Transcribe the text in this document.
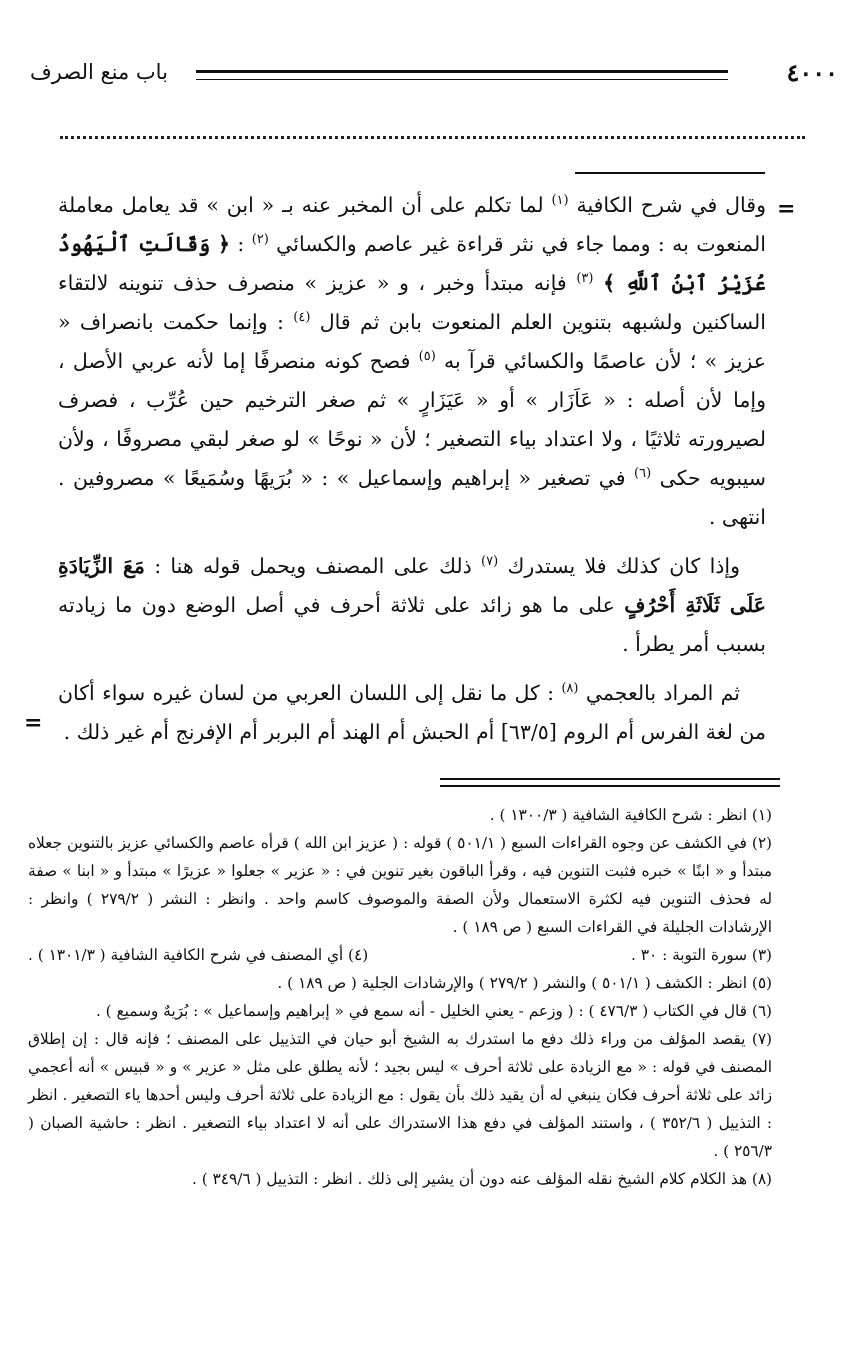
٤٠٠٠
باب منع الصرف
=
=

وقال في شرح الكافية $^{(١)}$ لما تكلم على أن المخبر عنه بـ « ابن » قد يعامل معاملة المنعوت به : ومما جاء في نثر قراءة غير عاصم والكسائي $^{(٢)}$ : ﴿ وَقَالَتِ ٱلْيَهُودُ عُزَيْرُ ٱبْنُ ٱللَّهِ ﴾ $^{(٣)}$ فإنه مبتدأ وخبر ، و « عزيز » منصرف حذف تنوينه لالتقاء الساكنين ولشبهه بتنوين العلم المنعوت بابن ثم قال $^{(٤)}$ : وإنما حكمت بانصراف « عزيز » ؛ لأن عاصمًا والكسائي قرآ به $^{(٥)}$ فصح كونه منصرفًا إما لأنه عربي الأصل ، وإما لأن أصله : « عَاَزَار » أو « عَيَزَارٍ » ثم صغر الترخيم حين عُرِّب ، فصرف لصيرورته ثلاثيًا ، ولا اعتداد بياء التصغير ؛ لأن « نوحًا » لو صغر لبقي مصروفًا ، ولأن سيبويه حكى $^{(٦)}$ في تصغير « إبراهيم وإسماعيل » : « بُرَيهًا وسُمَيعًا » مصروفين . انتهى .

وإذا كان كذلك فلا يستدرك $^{(٧)}$ ذلك على المصنف ويحمل قوله هنا : مَعَ الزِّيَادَةِ عَلَى ثَلَاثَةِ أَحْرُفٍ على ما هو زائد على ثلاثة أحرف في أصل الوضع دون ما زيادته بسبب أمر يطرأ .

ثم المراد بالعجمي $^{(٨)}$ : كل ما نقل إلى اللسان العربي من لسان غيره سواء أكان من لغة الفرس أم الروم [٦٣/٥] أم الحبش أم الهند أم البربر أم الإفرنج أم غير ذلك .

(١) انظر : شرح الكافية الشافية ( ١٣٠٠/٣ ) .

(٢) في الكشف عن وجوه القراءات السبع ( ٥٠١/١ ) قوله : ( عزيز ابن الله ) قرأه عاصم والكسائي عزيز بالتنوين جعلاه مبتدأ و « ابنًا » خبره فثبت التنوين فيه ، وقرأ الباقون بغير تنوين في : « عزير » جعلوا « عزيرًا » مبتدأ و « ابنا » صفة له فحذف التنوين فيه لكثرة الاستعمال ولأن الصفة والموصوف كاسم واحد . وانظر : النشر ( ٢٧٩/٢ ) وانظر : الإرشادات الجليلة في القراءات السبع ( ص ١٨٩ ) .

(٣) سورة التوبة : ٣٠ .
(٤) أي المصنف في شرح الكافية الشافية ( ١٣٠١/٣ ) .

(٥) انظر : الكشف ( ٥٠١/١ ) والنشر ( ٢٧٩/٢ ) والإرشادات الجلية ( ص ١٨٩ ) .

(٦) قال في الكتاب ( ٤٧٦/٣ ) : ( وزعم - يعني الخليل - أنه سمع في « إبراهيم وإسماعيل » : بُرَيهٌ وسميع ) .

(٧) يقصد المؤلف من وراء ذلك دفع ما استدرك به الشيخ أبو حيان في التذييل على المصنف ؛ فإنه قال : إن إطلاق المصنف في قوله : « مع الزيادة على ثلاثة أحرف » ليس بجيد ؛ لأنه يطلق على مثل « عزير » و « قبيس » أنه أعجمي زائد على ثلاثة أحرف فكان ينبغي له أن يقيد ذلك بأن يقول : مع الزيادة على ثلاثة أحرف وليس أحدها ياء التصغير . انظر : التذييل ( ٣٥٢/٦ ) ، واستند المؤلف في دفع هذا الاستدراك على أنه لا اعتداد بياء التصغير . انظر : حاشية الصبان ( ٢٥٦/٣ ) .

(٨) هذ الكلام كلام الشيخ نقله المؤلف عنه دون أن يشير إلى ذلك . انظر : التذييل ( ٣٤٩/٦ ) .
